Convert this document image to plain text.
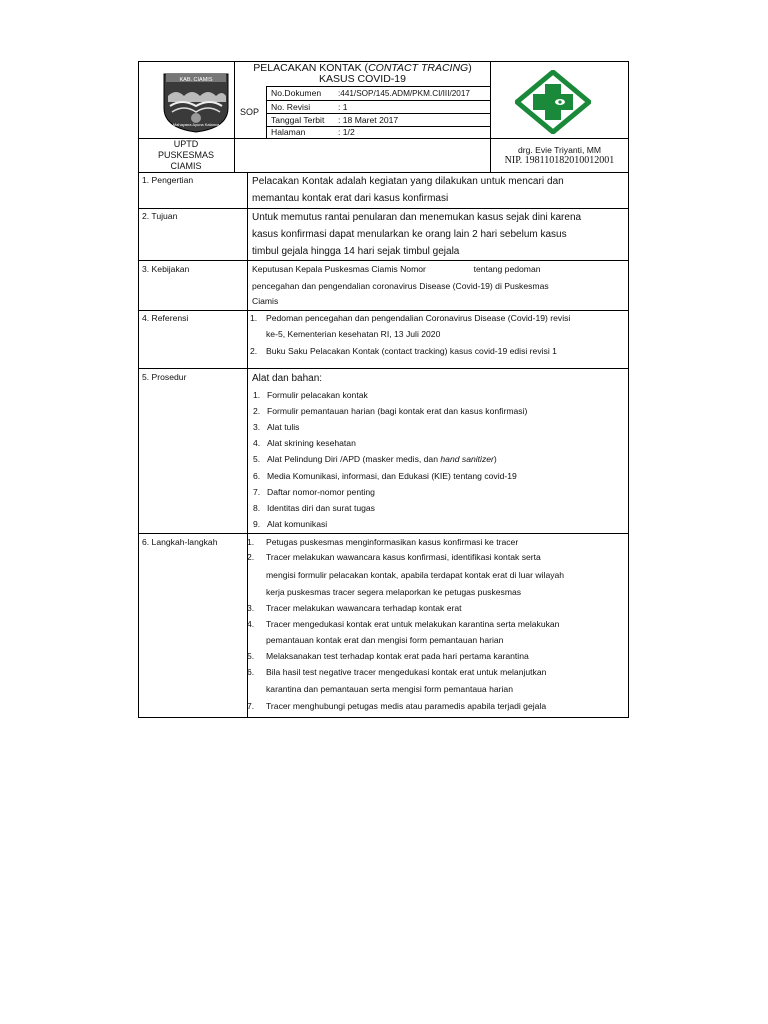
KAB. CIAMIS
Mahayana Ayuna Kalanca
PELACAKAN KONTAK (CONTACT TRACING)
KASUS COVID-19
SOP
No.Dokumen :441/SOP/145.ADM/PKM.CI/III/2017
No. Revisi	: 1
Tanggal Terbit : 18 Maret 2017
Halaman	: 1/2
UPTD
PUSKESMAS
CIAMIS
drg. Evie Triyanti, MM
NIP. 198110182010012001
1. Pengertian	Pelacakan Kontak adalah kegiatan yang dilakukan untuk mencari dan
memantau kontak erat dari kasus konfirmasi
2. Tujuan	Untuk memutus rantai penularan dan menemukan kasus sejak dini karena
kasus konfirmasi dapat menularkan ke orang lain 2 hari sebelum kasus
timbul gejala hingga 14 hari sejak timbul gejala
3. Kebijakan	Keputusan Kepala Puskesmas Ciamis Nomor                    tentang pedoman
pencegahan dan pengendalian coronavirus Disease (Covid-19) di Puskesmas
Ciamis
4. Referensi	1. Pedoman pencegahan dan pengendalian Coronavirus Disease (Covid-19) revisi
ke-5, Kementerian kesehatan RI, 13 Juli 2020
2. Buku Saku Pelacakan Kontak (contact tracking) kasus covid-19 edisi revisi 1
5. Prosedur	Alat dan bahan:
1. Formulir pelacakan kontak
2. Formulir pemantauan harian (bagi kontak erat dan kasus konfirmasi)
3. Alat tulis
4. Alat skrining kesehatan
5. Alat Pelindung Diri /APD (masker medis, dan hand sanitizer)
6. Media Komunikasi, informasi, dan Edukasi (KIE) tentang covid-19
7. Daftar nomor-nomor penting
8. Identitas diri dan surat tugas
9. Alat komunikasi
6. Langkah-langkah	1. Petugas puskesmas menginformasikan kasus konfirmasi ke tracer
2. Tracer melakukan wawancara kasus konfirmasi, identifikasi kontak serta
mengisi formulir pelacakan kontak, apabila terdapat kontak erat di luar wilayah
kerja puskesmas tracer segera melaporkan ke petugas puskesmas
3. Tracer melakukan wawancara terhadap kontak erat
4. Tracer mengedukasi kontak erat untuk melakukan karantina serta melakukan
pemantauan kontak erat dan mengisi form pemantauan harian
5. Melaksanakan test terhadap kontak erat pada hari pertama karantina
6. Bila hasil test negative tracer mengedukasi kontak erat untuk melanjutkan
karantina dan pemantauan serta mengisi form pemantaua harian
7. Tracer menghubungi petugas medis atau paramedis apabila terjadi gejala
